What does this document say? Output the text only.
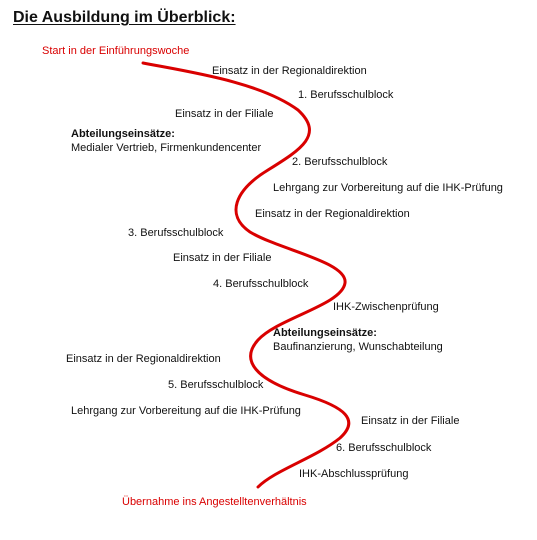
Die Ausbildung im Überblick:
Start in der Einführungswoche
Einsatz in der Regionaldirektion
1. Berufsschulblock
Einsatz in der Filiale
Abteilungseinsätze:
Medialer Vertrieb, Firmenkundencenter
2. Berufsschulblock
Lehrgang zur Vorbereitung auf die IHK-Prüfung
Einsatz in der Regionaldirektion
3. Berufsschulblock
Einsatz in der Filiale
4. Berufsschulblock
IHK-Zwischenprüfung
Abteilungseinsätze:
Baufinanzierung, Wunschabteilung
Einsatz in der Regionaldirektion
5. Berufsschulblock
Lehrgang zur Vorbereitung auf die IHK-Prüfung
Einsatz in der Filiale
6. Berufsschulblock
IHK-Abschlussprüfung
Übernahme ins Angestelltenverhältnis
